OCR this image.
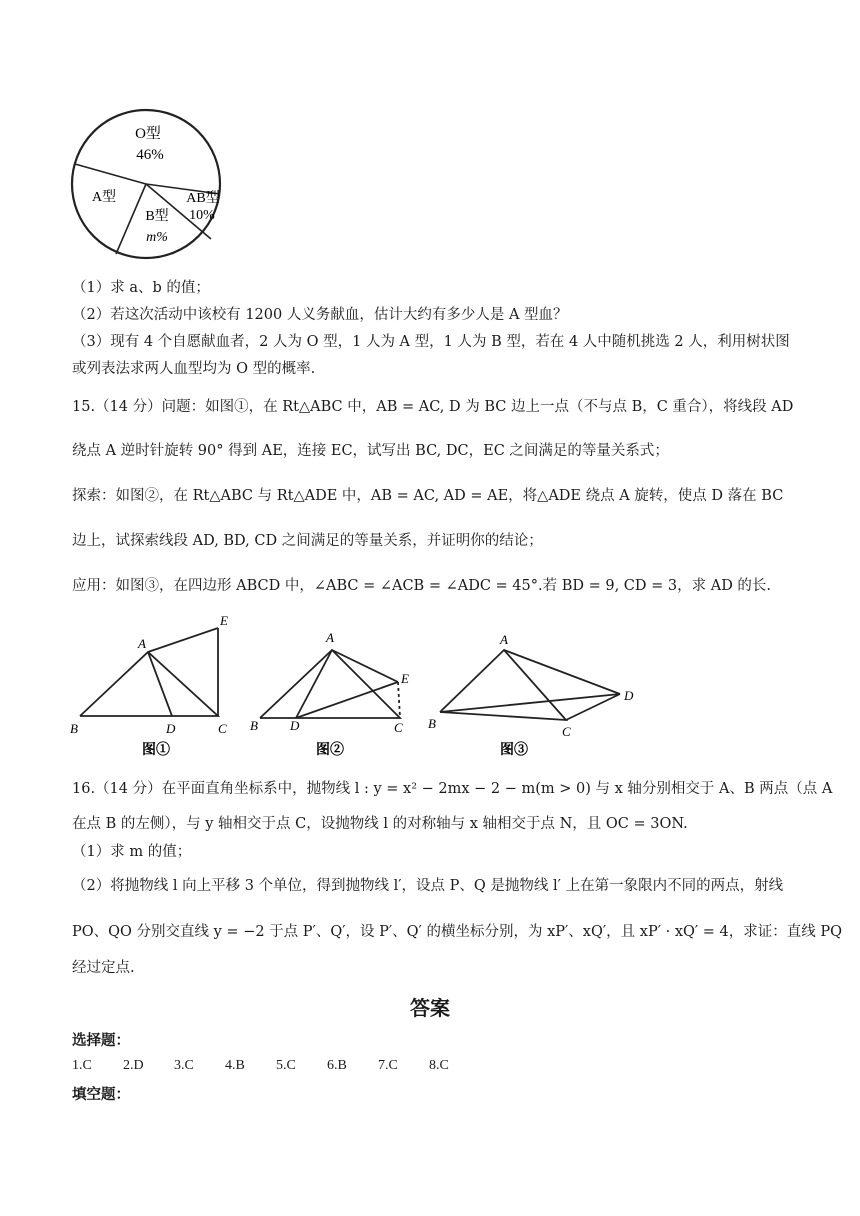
O型
46%
AB型
10%
B型
m%
A型
（1）求 a、b 的值；
（2）若这次活动中该校有 1200 人义务献血，估计大约有多少人是 A 型血？
（3）现有 4 个自愿献血者，2 人为 O 型，1 人为 A 型，1 人为 B 型，若在 4 人中随机挑选 2 人，利用树状图
或列表法求两人血型均为 O 型的概率.
15.（14 分）问题：如图①，在 Rt△ABC 中，AB = AC, D 为 BC 边上一点（不与点 B，C 重合），将线段 AD
绕点 A 逆时针旋转 90° 得到 AE，连接 EC，试写出 BC, DC，EC 之间满足的等量关系式；
探索：如图②，在 Rt△ABC 与 Rt△ADE 中，AB = AC, AD = AE，将△ADE 绕点 A 旋转，使点 D 落在 BC
边上，试探索线段 AD, BD, CD 之间满足的等量关系，并证明你的结论；
应用：如图③，在四边形 ABCD 中，∠ABC = ∠ACB = ∠ADC = 45°.若 BD = 9, CD = 3，求 AD 的长.
A
E
B	D	C
图①
A
E
B D	C
图②
A
D
B
C
图③
16.（14 分）在平面直角坐标系中，抛物线 l : y = x² − 2mx − 2 − m(m > 0) 与 x 轴分别相交于 A、B 两点（点 A
在点 B 的左侧），与 y 轴相交于点 C，设抛物线 l 的对称轴与 x 轴相交于点 N，且 OC = 3ON.
（1）求 m 的值；
（2）将抛物线 l 向上平移 3 个单位，得到抛物线 l′，设点 P、Q 是抛物线 l′ 上在第一象限内不同的两点，射线
PO、QO 分别交直线 y = −2 于点 P′、Q′，设 P′、Q′ 的横坐标分别，为 xP′、xQ′，且 xP′ · xQ′ = 4，求证：直线 PQ
经过定点.
答案
选择题：
1.C 2.D 3.C 4.B 5.C 6.B 7.C 8.C
填空题：
